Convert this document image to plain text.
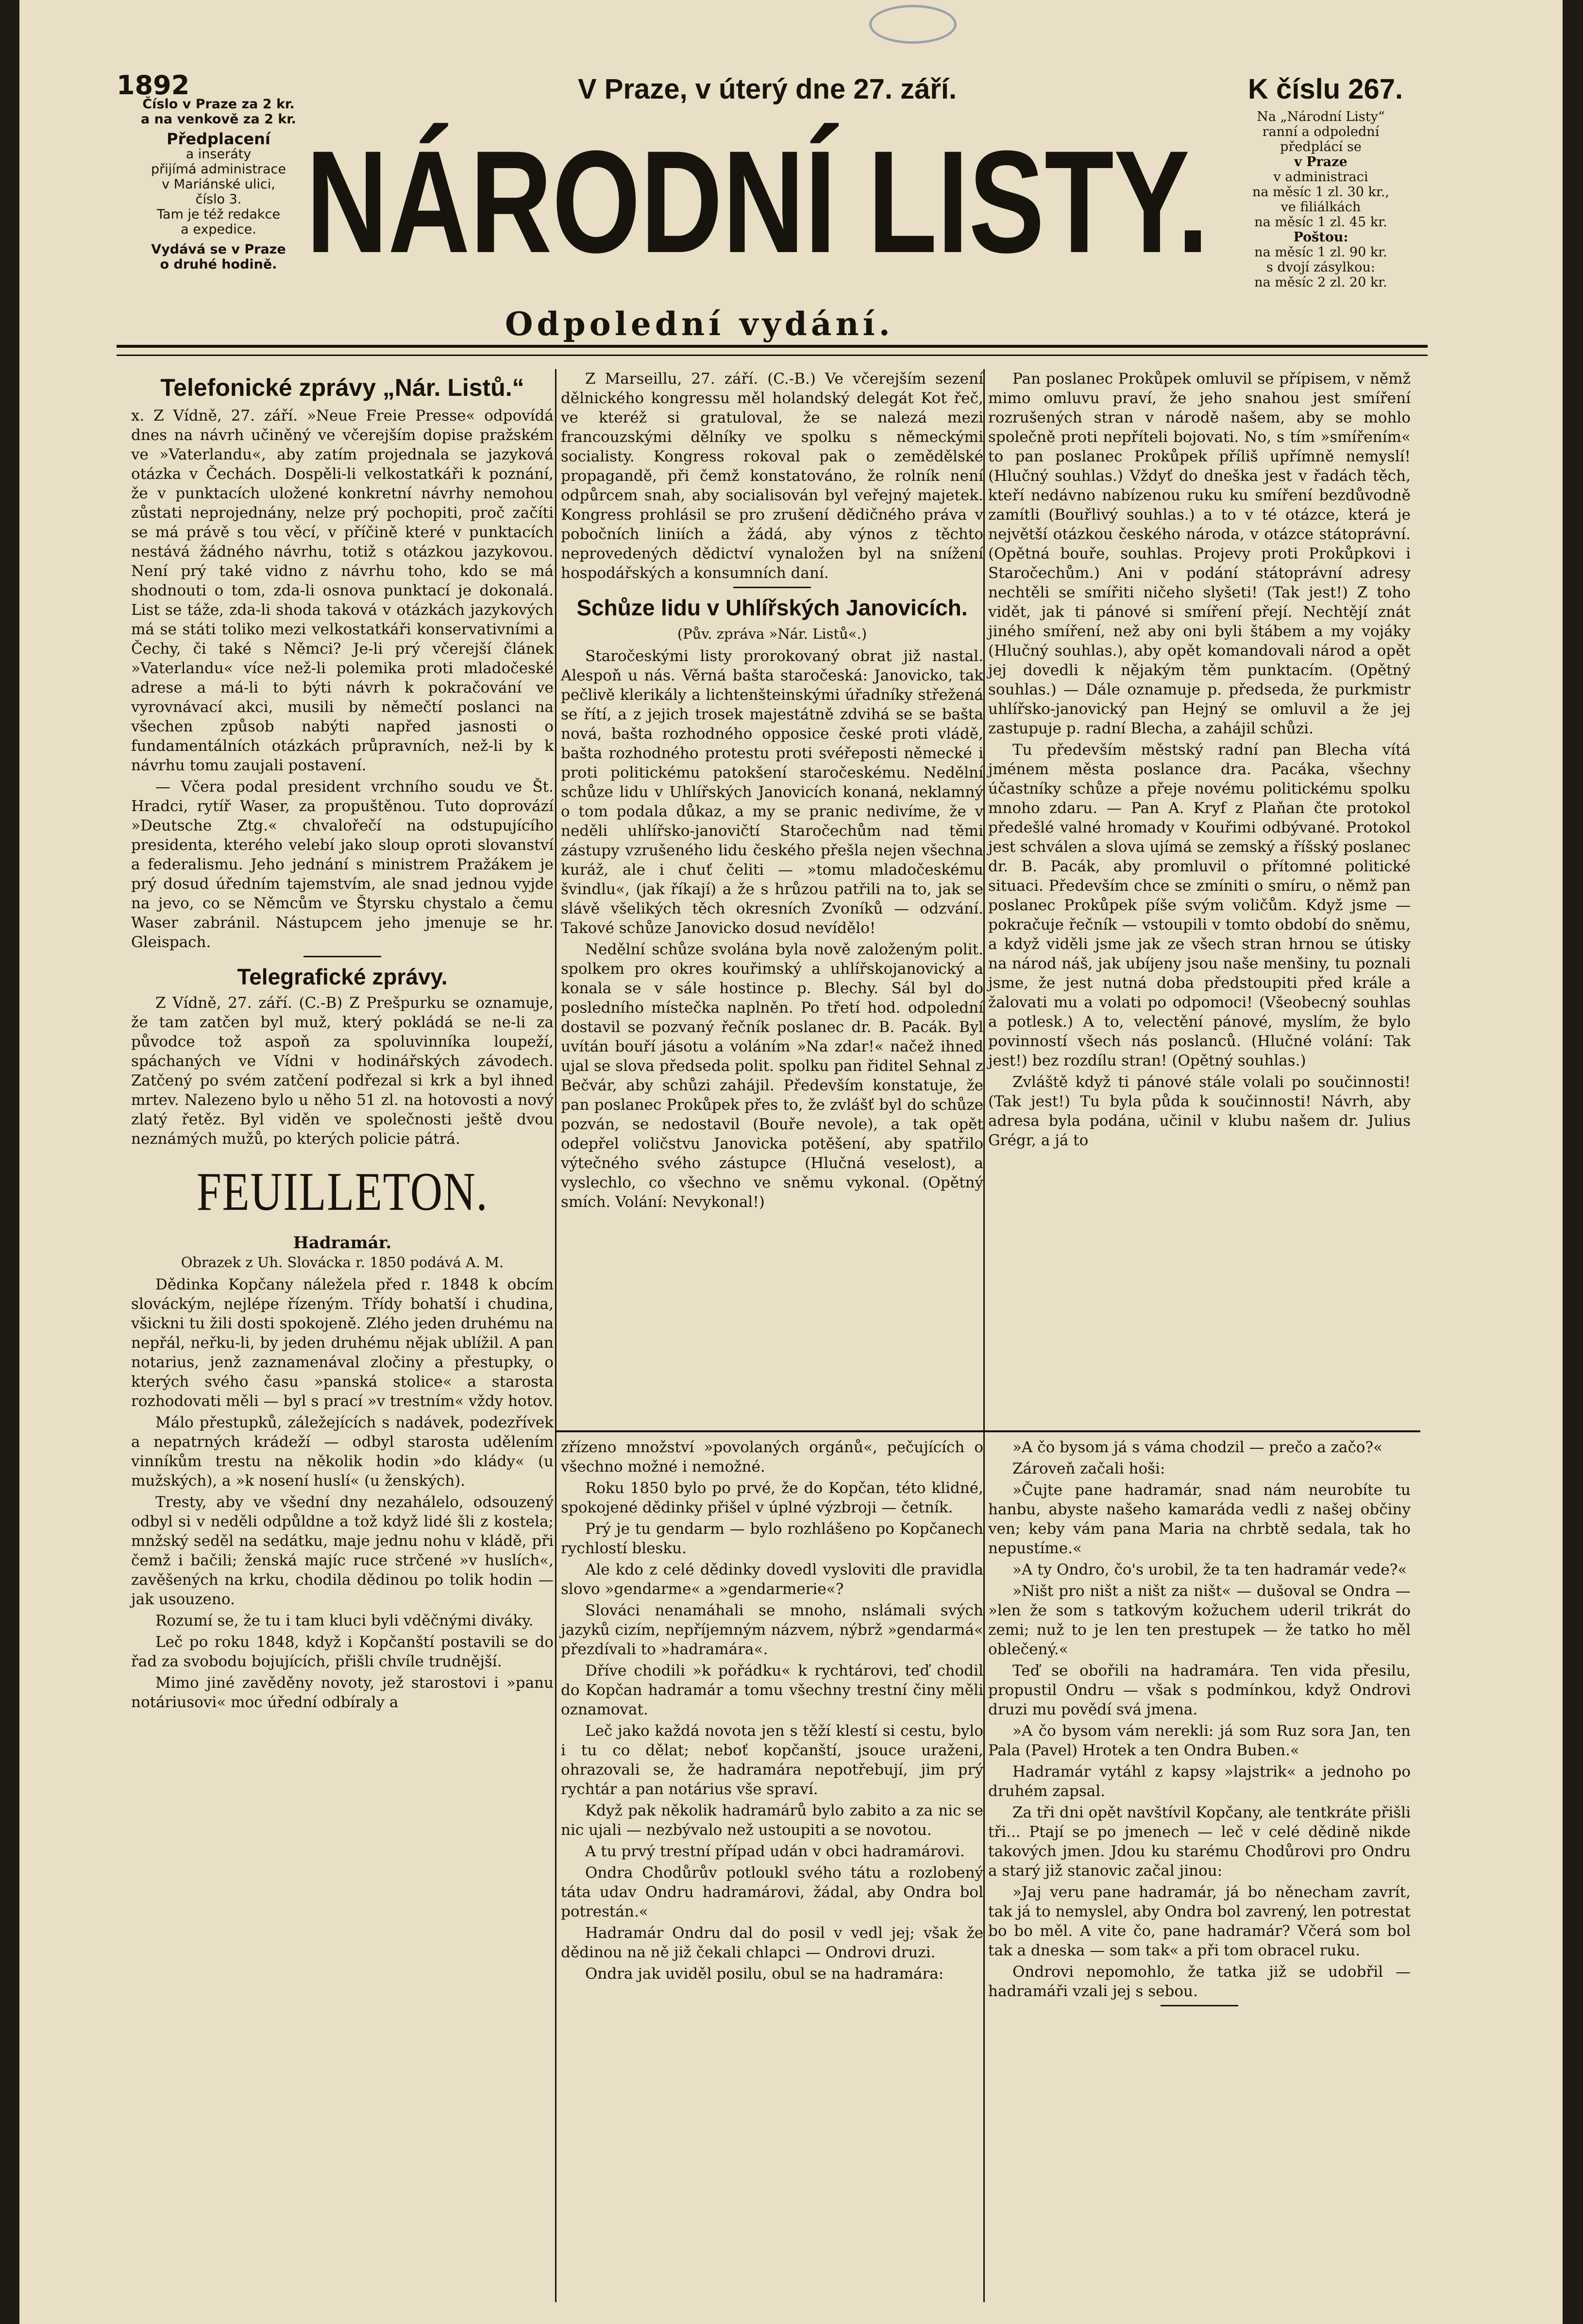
1892
Číslo v Praze za 2 kr.
a na venkově za 2 kr.
Předplacení
a inseráty
přijímá administrace
v Mariánské ulici,
číslo 3.
Tam je též redakce
a expedice.
Vydává se v Praze
o druhé hodině.
V Praze, v úterý dne 27. září.	K číslu 267.
NÁRODNÍ LISTY.
Odpolední vydání.
Na „Národní Listy“
ranní a odpolední
předplácí se
v Praze
v administraci
na měsíc 1 zl. 30 kr.,
ve filiálkách
na měsíc 1 zl. 45 kr.
Poštou:
na měsíc 1 zl. 90 kr.
s dvojí zásylkou:
na měsíc 2 zl. 20 kr.
Telefonické zprávy „Nár. Listů.“

x. Z Vídně, 27. září. »Neue Freie Presse« odpovídá dnes na návrh učiněný ve včerejším dopise pražském ve »Vaterlandu«, aby zatím projednala se jazyková otázka v Čechách. Dospěli-li velkostatkáři k poznání, že v punktacích uložené konkretní návrhy nemohou zůstati neprojednány, nelze prý pochopiti, proč začíti se má právě s tou věcí, v příčině které v punktacích nestává žádného návrhu, totiž s otázkou jazykovou. Není prý také vidno z návrhu toho, kdo se má shodnouti o tom, zda-li osnova punktací je dokonalá. List se táže, zda-li shoda taková v otázkách jazykových má se státi toliko mezi velkostatkáři konservativními a Čechy, či také s Němci? Je-li prý včerejší článek »Vaterlandu« více než-li polemika proti mladočeské adrese a má-li to býti návrh k pokračování ve vyrovnávací akci, musili by němečtí poslanci na všechen způsob nabýti napřed jasnosti o fundamentálních otázkách průpravních, než-li by k návrhu tomu zaujali postavení.

— Včera podal president vrchního soudu ve Št. Hradci, rytíř Waser, za propuštěnou. Tuto doprovází »Deutsche Ztg.« chvalořečí na odstupujícího presidenta, kterého velebí jako sloup oproti slovanství a federalismu. Jeho jednání s ministrem Pražákem je prý dosud úředním tajemstvím, ale snad jednou vyjde na jevo, co se Němcům ve Štyrsku chystalo a čemu Waser zabránil. Nástupcem jeho jmenuje se hr. Gleispach.

Telegrafické zprávy.

Z Vídně, 27. září. (C.-B) Z Prešpurku se oznamuje, že tam zatčen byl muž, který pokládá se ne-li za původce tož aspoň za spoluvinníka loupeží, spáchaných ve Vídni v hodinářských závodech. Zatčený po svém zatčení podřezal si krk a byl ihned mrtev. Nalezeno bylo u něho 51 zl. na hotovosti a nový zlatý řetěz. Byl viděn ve společnosti ještě dvou neznámých mužů, po kterých policie pátrá.

FEUILLETON.
Hadramár.
Obrazek z Uh. Slovácka r. 1850 podává A. M.

Dědinka Kopčany náležela před r. 1848 k obcím slováckým, nejlépe řízeným. Třídy bohatší i chudina, všickni tu žili dosti spokojeně. Zlého jeden druhému na nepřál, neřku-li, by jeden druhému nějak ublížil. A pan notarius, jenž zaznamenával zločiny a přestupky, o kterých svého času »panská stolice« a starosta rozhodovati měli — byl s prací »v trestním« vždy hotov.

Málo přestupků, záležejících s nadávek, podezřívek a nepatrných krádeží — odbyl starosta udělením vinníkům trestu na několik hodin »do klády« (u mužských), a »k nosení huslí« (u ženských).

Tresty, aby ve všední dny nezahálelo, odsouzený odbyl si v neděli odpůldne a tož když lidé šli z kostela; mnžský seděl na sedátku, maje jednu nohu v kládě, při čemž i bačili; ženská majíc ruce strčené »v huslích«, zavěšených na krku, chodila dědinou po tolik hodin — jak usouzeno.

Rozumí se, že tu i tam kluci byli vděčnými diváky.

Leč po roku 1848, když i Kopčanští postavili se do řad za svobodu bojujících, přišli chvíle trudnější.

Mimo jiné zavěděny novoty, jež starostovi i »panu notáriusovi« moc úřední odbíraly a

Z Marseillu, 27. září. (C.-B.) Ve včerejším sezení dělnického kongressu měl holandský delegát Kot řeč, ve kteréž si gratuloval, že se nalezá mezi francouzskými dělníky ve spolku s německými socialisty. Kongress rokoval pak o zemědělské propagandě, při čemž konstatováno, že rolník není odpůrcem snah, aby socialisován byl veřejný majetek. Kongress prohlásil se pro zrušení dědičného práva v pobočních liniích a žádá, aby výnos z těchto neprovedených dědictví vynaložen byl na snížení hospodářských a konsumních daní.

Schůze lidu v Uhlířských Janovicích.
(Pův. zpráva »Nár. Listů«.)

Staročeskými listy prorokovaný obrat již nastal. Alespoň u nás. Věrná bašta staročeská: Janovicko, tak pečlivě klerikály a lichtenšteinskými úřadníky střežená se řítí, a z jejich trosek majestátně zdvihá se se bašta nová, bašta rozhodného opposice české proti vládě, bašta rozhodného protestu proti svéřeposti německé i proti politickému patokšení staročeskému. Nedělní schůze lidu v Uhlířských Janovicích konaná, neklamný o tom podala důkaz, a my se pranic nedivíme, že v neděli uhlířsko-janovičtí Staročechům nad těmi zástupy vzrušeného lidu českého přešla nejen všechna kuráž, ale i chuť čeliti — »tomu mladočeskému švindlu«, (jak říkají) a že s hrůzou patřili na to, jak se slávě všelikých těch okresních Zvoníků — odzvání. Takové schůze Janovicko dosud nevídělo!

Nedělní schůze svolána byla nově založeným polit. spolkem pro okres kouřimský a uhlířskojanovický a konala se v sále hostince p. Blechy. Sál byl do posledního místečka naplněn. Po třetí hod. odpolední dostavil se pozvaný řečník poslanec dr. B. Pacák. Byl uvítán bouří jásotu a voláním »Na zdar!« načež ihned ujal se slova předseda polit. spolku pan řiditel Sehnal z Bečvár, aby schůzi zahájil. Především konstatuje, že pan poslanec Prokůpek přes to, že zvlášť byl do schůze pozván, se nedostavil (Bouře nevole), a tak opět odepřel voličstvu Janovicka potěšení, aby spatřilo výtečného svého zástupce (Hlučná veselost), a vyslechlo, co všechno ve sněmu vykonal. (Opětný smích. Volání: Nevykonal!)

Pan poslanec Prokůpek omluvil se přípisem, v němž mimo omluvu praví, že jeho snahou jest smíření rozrušených stran v národě našem, aby se mohlo společně proti nepříteli bojovati. No, s tím »smířením« to pan poslanec Prokůpek příliš upřímně nemyslí! (Hlučný souhlas.) Vždyť do dneška jest v řadách těch, kteří nedávno nabízenou ruku ku smíření bezdůvodně zamítli (Bouřlivý souhlas.) a to v té otázce, která je největší otázkou českého národa, v otázce státoprávní. (Opětná bouře, souhlas. Projevy proti Prokůpkovi i Staročechům.) Ani v podání státoprávní adresy nechtěli se smířiti ničeho slyšeti! (Tak jest!) Z toho vidět, jak ti pánové si smíření přejí. Nechtějí znát jiného smíření, než aby oni byli štábem a my vojáky (Hlučný souhlas.), aby opět komandovali národ a opět jej dovedli k nějakým těm punktacím. (Opětný souhlas.) — Dále oznamuje p. předseda, že purkmistr uhlířsko-janovický pan Hejný se omluvil a že jej zastupuje p. radní Blecha, a zahájil schůzi.

Tu především městský radní pan Blecha vítá jménem města poslance dra. Pacáka, všechny účastníky schůze a přeje novému politickému spolku mnoho zdaru. — Pan A. Kryf z Plaňan čte protokol předešlé valné hromady v Kouřimi odbývané. Protokol jest schválen a slova ujímá se zemský a říšský poslanec dr. B. Pacák, aby promluvil o přítomné politické situaci. Především chce se zmíniti o smíru, o němž pan poslanec Prokůpek píše svým voličům. Když jsme — pokračuje řečník — vstoupili v tomto období do sněmu, a když viděli jsme jak ze všech stran hrnou se útisky na národ náš, jak ubíjeny jsou naše menšiny, tu poznali jsme, že jest nutná doba předstoupiti před krále a žalovati mu a volati po odpomoci! (Všeobecný souhlas a potlesk.) A to, velectění pánové, myslím, že bylo povinností všech nás poslanců. (Hlučné volání: Tak jest!) bez rozdílu stran! (Opětný souhlas.)

Zvláště když ti pánové stále volali po součinnosti! (Tak jest!) Tu byla půda k součinnosti! Návrh, aby adresa byla podána, učinil v klubu našem dr. Julius Grégr, a já to

zřízeno množství »povolaných orgánů«, pečujících o všechno možné i nemožné.

Roku 1850 bylo po prvé, že do Kopčan, této klidné, spokojené dědinky přišel v úplné výzbroji — četník.

Prý je tu gendarm — bylo rozhlášeno po Kopčanech rychlostí blesku.

Ale kdo z celé dědinky dovedl vysloviti dle pravidla slovo »gendarme« a »gendarmerie«?

Slováci nenamáhali se mnoho, nslámali svých jazyků cizím, nepříjemným názvem, nýbrž »gendarmá« přezdívali to »hadramára«.

Dříve chodili »k pořádku« k rychtárovi, teď chodil do Kopčan hadramár a tomu všechny trestní činy měli oznamovat.

Leč jako každá novota jen s těží klestí si cestu, bylo i tu co dělat; neboť kopčanští, jsouce uraženi, ohrazovali se, že hadramára nepotřebují, jim prý rychtár a pan notárius vše spraví.

Když pak několik hadramárů bylo zabito a za nic se nic ujali — nezbývalo než ustoupiti a se novotou.

A tu prvý trestní případ udán v obci hadramárovi.

Ondra Chodůrův potloukl svého tátu a rozlobený táta udav Ondru hadramárovi, žádal, aby Ondra bol potrestán.«

Hadramár Ondru dal do posil v vedl jej; však že dědinou na ně již čekali chlapci — Ondrovi druzi.

Ondra jak uviděl posilu, obul se na hadramára:

»A čo bysom já s váma chodzil — prečo a začo?«

Zároveň začali hoši:

»Čujte pane hadramár, snad nám neurobíte tu hanbu, abyste našeho kamaráda vedli z našej občiny ven; keby vám pana Maria na chrbtě sedala, tak ho nepustíme.«

»A ty Ondro, čo's urobil, že ta ten hadramár vede?«

»Ništ pro ništ a ništ za ništ« — dušoval se Ondra — »len že som s tatkovým kožuchem uderil trikrát do zemi; nuž to je len ten prestupek — že tatko ho měl oblečený.«

Teď se obořili na hadramára. Ten vida přesilu, propustil Ondru — však s podmínkou, když Ondrovi druzi mu povědí svá jmena.

»A čo bysom vám nerekli: já som Ruz sora Jan, ten Pala (Pavel) Hrotek a ten Ondra Buben.«

Hadramár vytáhl z kapsy »lajstrik« a jednoho po druhém zapsal.

Za tři dni opět navštívil Kopčany, ale tentkráte přišli tři... Ptají se po jmenech — leč v celé dědině nikde takových jmen. Jdou ku starému Chodůrovi pro Ondru a starý již stanovic začal jinou:

»Jaj veru pane hadramár, já bo něnecham zavrít, tak já to nemyslel, aby Ondra bol zavrený, len potrestat bo bo měl. A vite čo, pane hadramár? Včerá som bol tak a dneska — som tak« a při tom obracel ruku.

Ondrovi nepomohlo, že tatka již se udobřil — hadramáři vzali jej s sebou.
